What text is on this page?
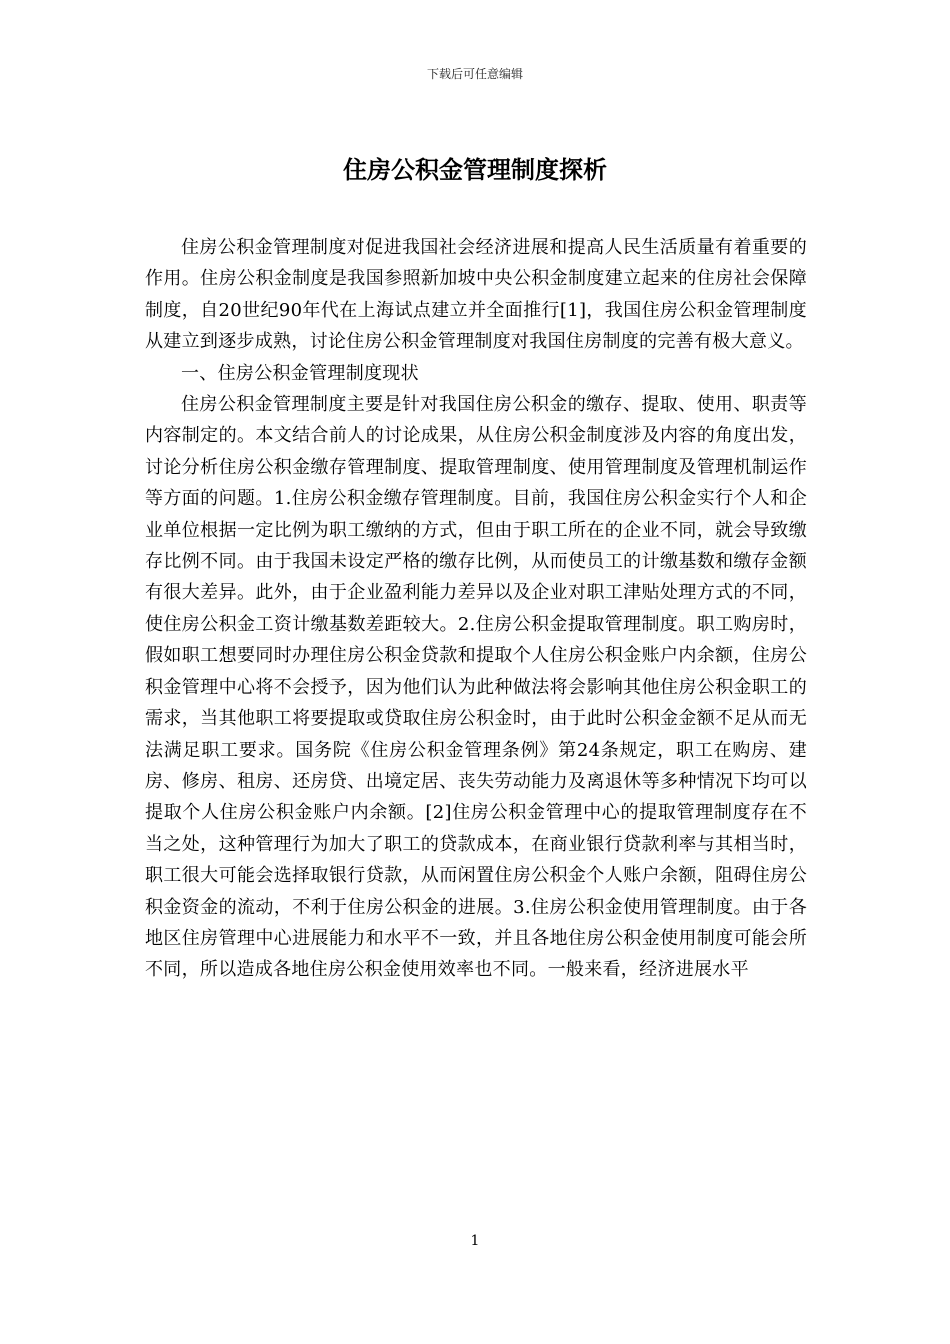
下载后可任意编辑
住房公积金管理制度探析

住房公积金管理制度对促进我国社会经济进展和提高人民生活质量有着重要的作用。住房公积金制度是我国参照新加坡中央公积金制度建立起来的住房社会保障制度，自20世纪90年代在上海试点建立并全面推行[1]，我国住房公积金管理制度从建立到逐步成熟，讨论住房公积金管理制度对我国住房制度的完善有极大意义。

一、住房公积金管理制度现状

住房公积金管理制度主要是针对我国住房公积金的缴存、提取、使用、职责等内容制定的。本文结合前人的讨论成果，从住房公积金制度涉及内容的角度出发，讨论分析住房公积金缴存管理制度、提取管理制度、使用管理制度及管理机制运作等方面的问题。1.住房公积金缴存管理制度。目前，我国住房公积金实行个人和企业单位根据一定比例为职工缴纳的方式，但由于职工所在的企业不同，就会导致缴存比例不同。由于我国未设定严格的缴存比例，从而使员工的计缴基数和缴存金额有很大差异。此外，由于企业盈利能力差异以及企业对职工津贴处理方式的不同，使住房公积金工资计缴基数差距较大。2.住房公积金提取管理制度。职工购房时，假如职工想要同时办理住房公积金贷款和提取个人住房公积金账户内余额，住房公积金管理中心将不会授予，因为他们认为此种做法将会影响其他住房公积金职工的需求，当其他职工将要提取或贷取住房公积金时，由于此时公积金金额不足从而无法满足职工要求。国务院《住房公积金管理条例》第24条规定，职工在购房、建房、修房、租房、还房贷、出境定居、丧失劳动能力及离退休等多种情况下均可以提取个人住房公积金账户内余额。[2]住房公积金管理中心的提取管理制度存在不当之处，这种管理行为加大了职工的贷款成本，在商业银行贷款利率与其相当时，职工很大可能会选择取银行贷款，从而闲置住房公积金个人账户余额，阻碍住房公积金资金的流动，不利于住房公积金的进展。3.住房公积金使用管理制度。由于各地区住房管理中心进展能力和水平不一致，并且各地住房公积金使用制度可能会所不同，所以造成各地住房公积金使用效率也不同。一般来看，经济进展水平

1
